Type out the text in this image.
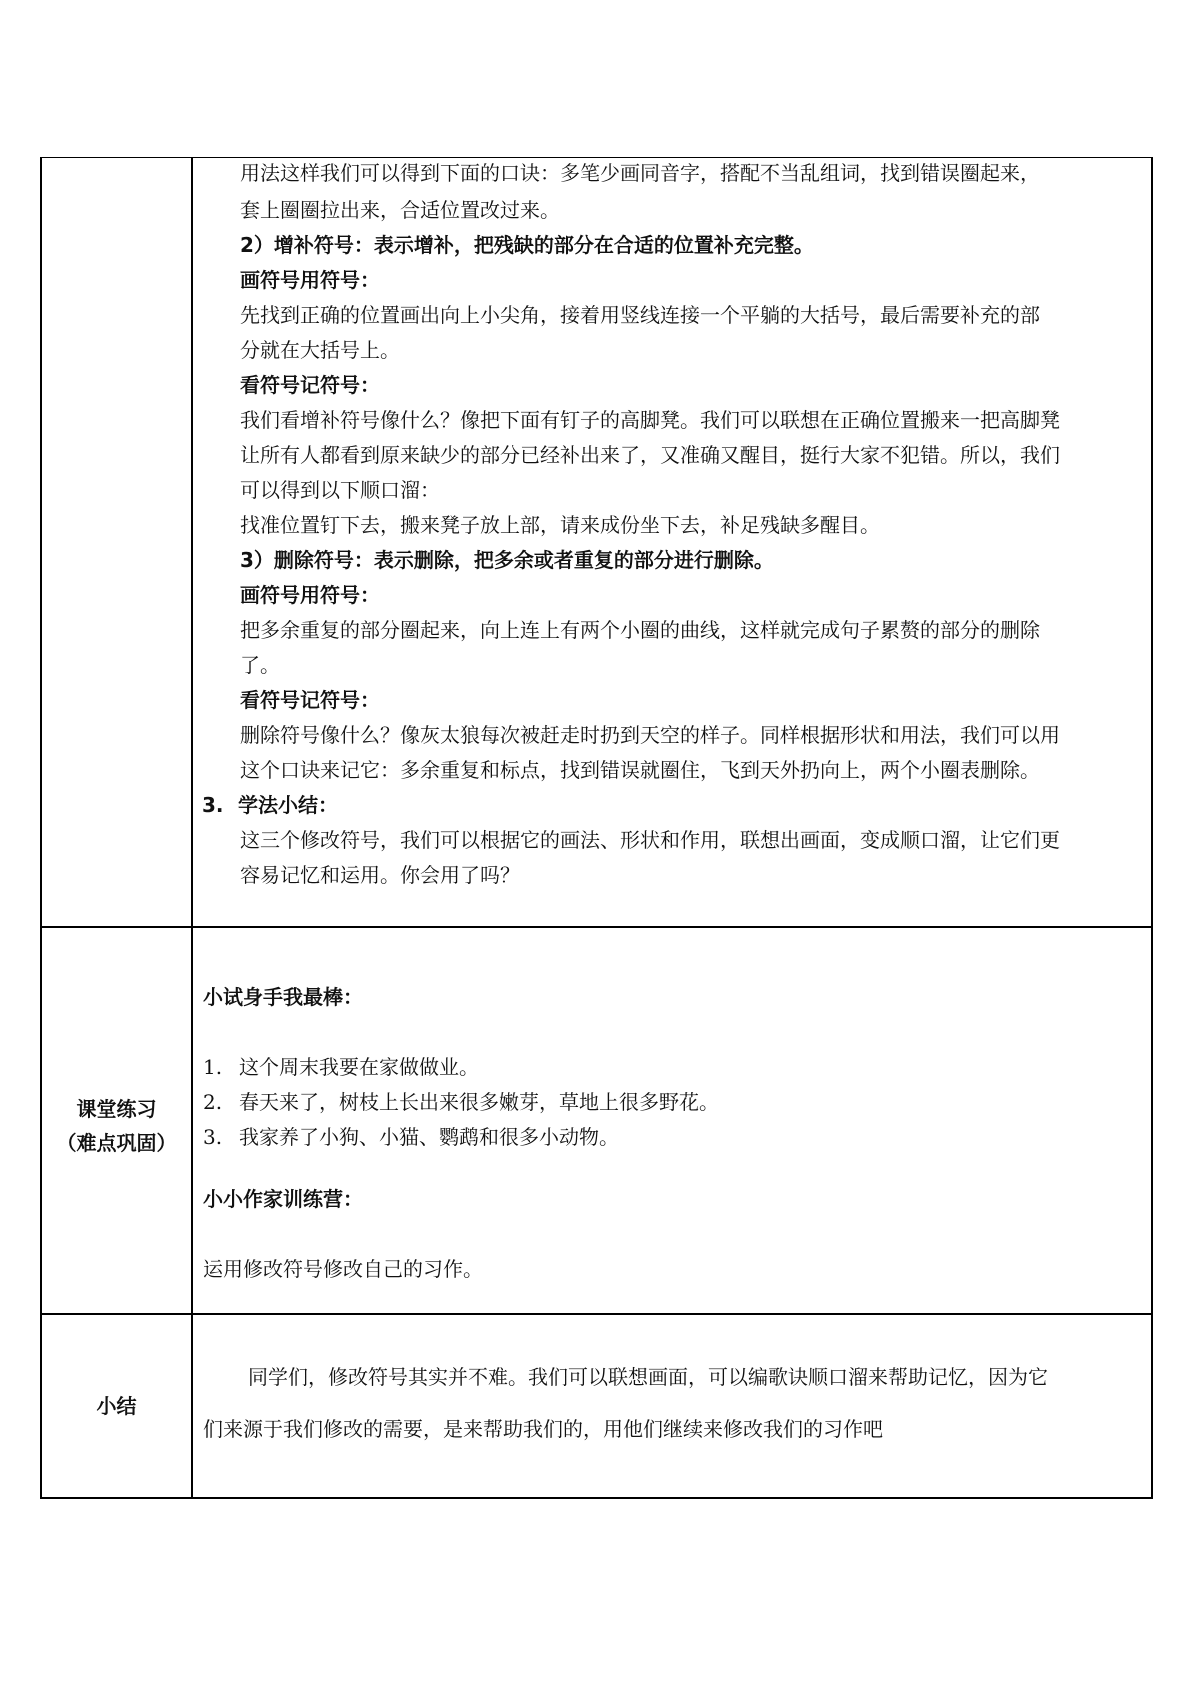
用法这样我们可以得到下面的口诀：多笔少画同音字，搭配不当乱组词，找到错误圈起来，
套上圈圈拉出来，合适位置改过来。
2）增补符号：表示增补，把残缺的部分在合适的位置补充完整。
画符号用符号：
先找到正确的位置画出向上小尖角，接着用竖线连接一个平躺的大括号，最后需要补充的部
分就在大括号上。
看符号记符号：
我们看增补符号像什么？像把下面有钉子的高脚凳。我们可以联想在正确位置搬来一把高脚凳
让所有人都看到原来缺少的部分已经补出来了，又准确又醒目，挺行大家不犯错。所以，我们
可以得到以下顺口溜：
找准位置钉下去，搬来凳子放上部，请来成份坐下去，补足残缺多醒目。
3）删除符号：表示删除，把多余或者重复的部分进行删除。
画符号用符号：
把多余重复的部分圈起来，向上连上有两个小圈的曲线，这样就完成句子累赘的部分的删除
了。
看符号记符号：
删除符号像什么？像灰太狼每次被赶走时扔到天空的样子。同样根据形状和用法，我们可以用
这个口诀来记它：多余重复和标点，找到错误就圈住，飞到天外扔向上，两个小圈表删除。
3. 学法小结：
这三个修改符号，我们可以根据它的画法、形状和作用，联想出画面，变成顺口溜，让它们更
容易记忆和运用。你会用了吗？
课堂练习
（难点巩固）
小试身手我最棒：
1. 这个周末我要在家做做业。
2. 春天来了，树枝上长出来很多嫩芽，草地上很多野花。
3. 我家养了小狗、小猫、鹦鹉和很多小动物。
小小作家训练营：
运用修改符号修改自己的习作。
小结
同学们，修改符号其实并不难。我们可以联想画面，可以编歌诀顺口溜来帮助记忆，因为它
们来源于我们修改的需要，是来帮助我们的，用他们继续来修改我们的习作吧
